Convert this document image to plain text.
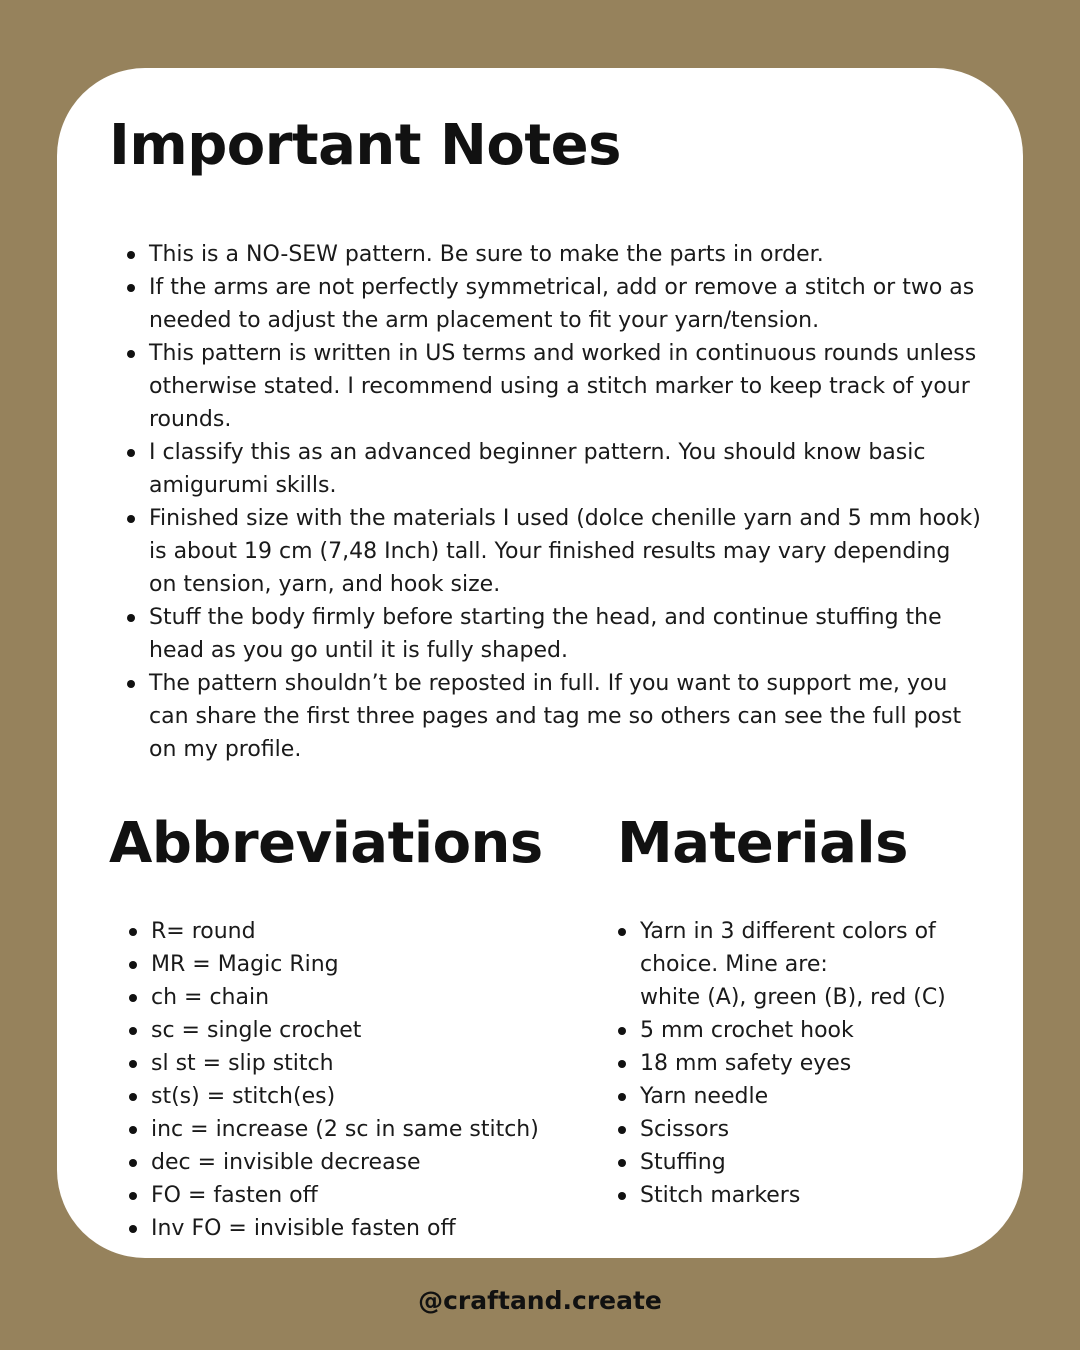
Important Notes
This is a NO-SEW pattern. Be sure to make the parts in order.
If the arms are not perfectly symmetrical, add or remove a stitch or two as needed to adjust the arm placement to fit your yarn/tension.
This pattern is written in US terms and worked in continuous rounds unless otherwise stated. I recommend using a stitch marker to keep track of your rounds.
I classify this as an advanced beginner pattern. You should know basic amigurumi skills.
Finished size with the materials I used (dolce chenille yarn and 5 mm hook) is about 19 cm (7,48 Inch) tall. Your finished results may vary depending on tension, yarn, and hook size.
Stuff the body firmly before starting the head, and continue stuffing the head as you go until it is fully shaped.
The pattern shouldn’t be reposted in full. If you want to support me, you can share the first three pages and tag me so others can see the full post on my profile.
Abbreviations
R= round
MR = Magic Ring
ch = chain
sc = single crochet
sl st = slip stitch
st(s) = stitch(es)
inc = increase (2 sc in same stitch)
dec = invisible decrease
FO = fasten off
Inv FO = invisible fasten off
Materials
Yarn in 3 different colors of choice. Mine are:
white (A), green (B), red (C)
5 mm crochet hook
18 mm safety eyes
Yarn needle
Scissors
Stuffing
Stitch markers
@craftand.create
